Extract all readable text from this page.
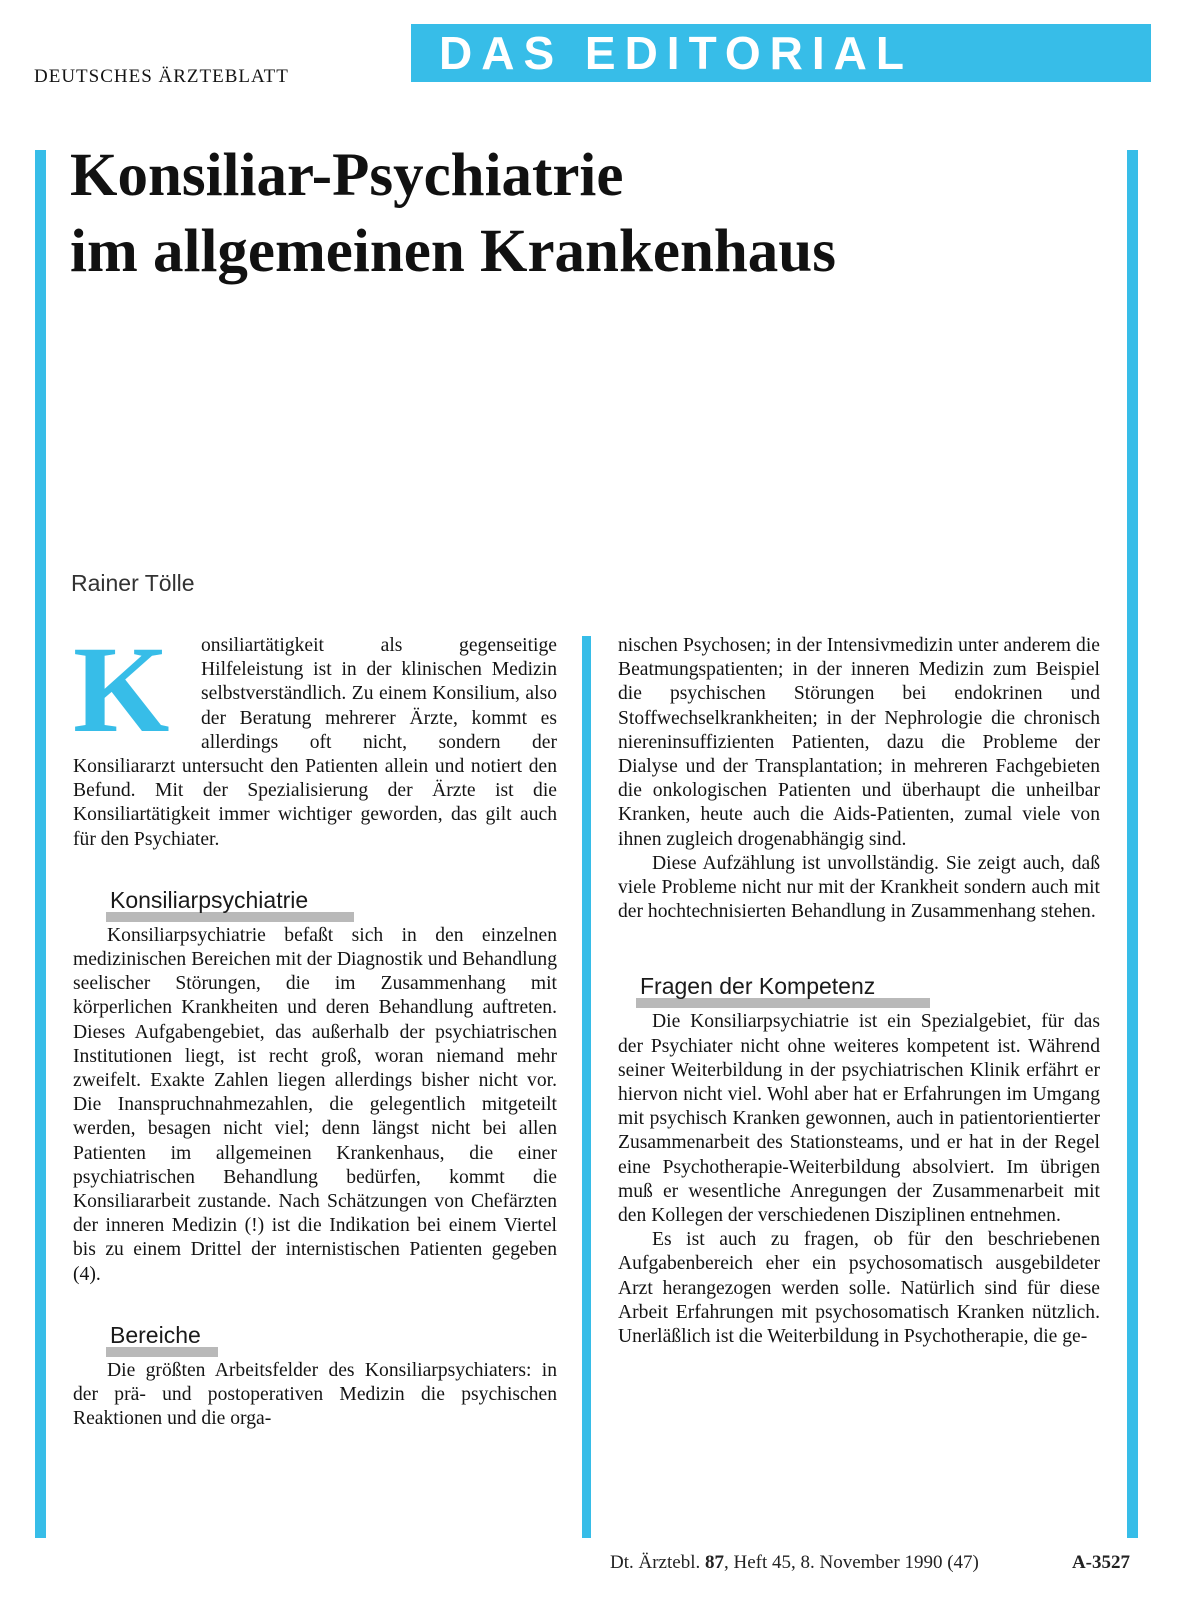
DEUTSCHES ÄRZTEBLATT	DAS EDITORIAL
Konsiliar-Psychiatrie
im allgemeinen Krankenhaus
Rainer Tölle

K	onsiliartätigkeit als gegenseitige Hilfeleistung ist in der klinischen Medizin selbstverständlich. Zu einem Konsilium, also der Beratung mehrerer Ärzte, kommt es allerdings oft nicht, sondern der Konsiliararzt untersucht den Patienten allein und notiert den Befund. Mit der Spezialisierung der Ärzte ist die Konsiliartätigkeit immer wichtiger geworden, das gilt auch für den Psychiater.

Konsiliarpsychiatrie

Konsiliarpsychiatrie befaßt sich in den einzelnen medizinischen Bereichen mit der Diagnostik und Behandlung seelischer Störungen, die im Zusammenhang mit körperlichen Krankheiten und deren Behandlung auftreten. Dieses Aufgabengebiet, das außerhalb der psychiatrischen Institutionen liegt, ist recht groß, woran niemand mehr zweifelt. Exakte Zahlen liegen allerdings bisher nicht vor. Die Inanspruchnahmezahlen, die gelegentlich mitgeteilt werden, besagen nicht viel; denn längst nicht bei allen Patienten im allgemeinen Krankenhaus, die einer psychiatrischen Behandlung bedürfen, kommt die Konsiliararbeit zustande. Nach Schätzungen von Chefärzten der inneren Medizin (!) ist die Indikation bei einem Viertel bis zu einem Drittel der internistischen Patienten gegeben (4).

Bereiche

Die größten Arbeitsfelder des Konsiliarpsychiaters: in der prä- und postoperativen Medizin die psychischen Reaktionen und die orga-

nischen Psychosen; in der Intensivmedizin unter anderem die Beatmungspatienten; in der inneren Medizin zum Beispiel die psychischen Störungen bei endokrinen und Stoffwechselkrankheiten; in der Nephrologie die chronisch niereninsuffizienten Patienten, dazu die Probleme der Dialyse und der Transplantation; in mehreren Fachgebieten die onkologischen Patienten und überhaupt die unheilbar Kranken, heute auch die Aids-Patienten, zumal viele von ihnen zugleich drogenabhängig sind.

Diese Aufzählung ist unvollständig. Sie zeigt auch, daß viele Probleme nicht nur mit der Krankheit sondern auch mit der hochtechnisierten Behandlung in Zusammenhang stehen.

Fragen der Kompetenz

Die Konsiliarpsychiatrie ist ein Spezialgebiet, für das der Psychiater nicht ohne weiteres kompetent ist. Während seiner Weiterbildung in der psychiatrischen Klinik erfährt er hiervon nicht viel. Wohl aber hat er Erfahrungen im Umgang mit psychisch Kranken gewonnen, auch in patientorientierter Zusammenarbeit des Stationsteams, und er hat in der Regel eine Psychotherapie-Weiterbildung absolviert. Im übrigen muß er wesentliche Anregungen der Zusammenarbeit mit den Kollegen der verschiedenen Disziplinen entnehmen.

Es ist auch zu fragen, ob für den beschriebenen Aufgabenbereich eher ein psychosomatisch ausgebildeter Arzt herangezogen werden solle. Natürlich sind für diese Arbeit Erfahrungen mit psychosomatisch Kranken nützlich. Unerläßlich ist die Weiterbildung in Psychotherapie, die ge-

Dt. Ärztebl. 87, Heft 45, 8. November 1990 (47)	A-3527
